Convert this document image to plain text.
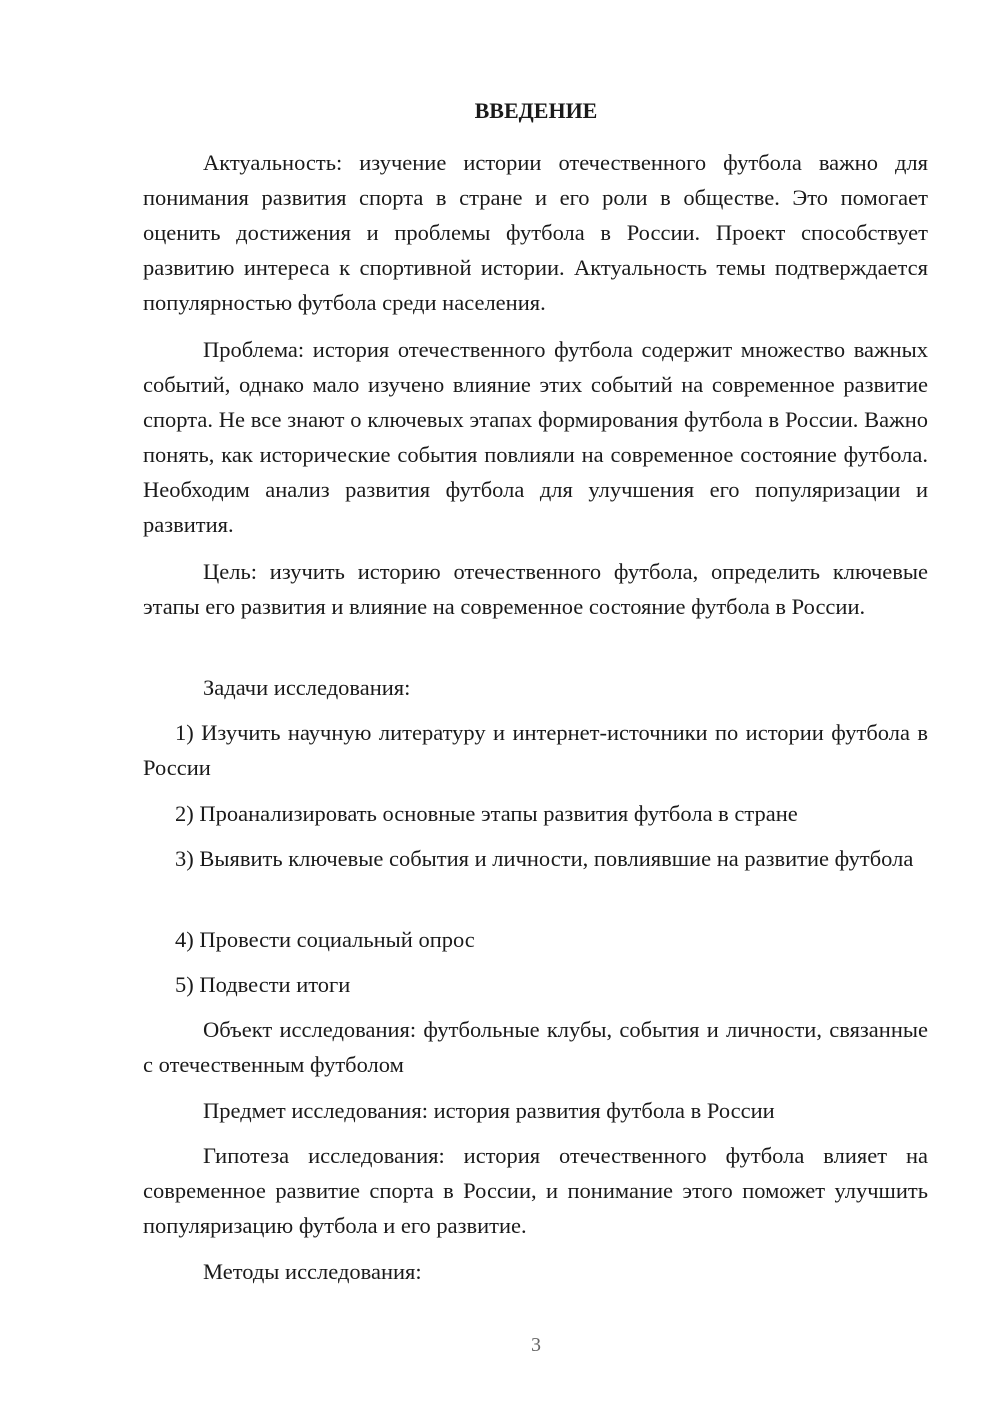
ВВЕДЕНИЕ

Актуальность: изучение истории отечественного футбола важно для понимания развития спорта в стране и его роли в обществе. Это помогает оценить достижения и проблемы футбола в России. Проект способствует развитию интереса к спортивной истории. Актуальность темы подтверждается популярностью футбола среди населения.

Проблема: история отечественного футбола содержит множество важных событий, однако мало изучено влияние этих событий на современное развитие спорта. Не все знают о ключевых этапах формирования футбола в России. Важно понять, как исторические события повлияли на современное состояние футбола. Необходим анализ развития футбола для улучшения его популяризации и развития.

Цель: изучить историю отечественного футбола, определить ключевые этапы его развития и влияние на современное состояние футбола в России.

Задачи исследования:

1) Изучить научную литературу и интернет-источники по истории футбола в России

2) Проанализировать основные этапы развития футбола в стране

3) Выявить ключевые события и личности, повлиявшие на развитие футбола

4) Провести социальный опрос

5) Подвести итоги

Объект исследования: футбольные клубы, события и личности, связанные с отечественным футболом

Предмет исследования: история развития футбола в России

Гипотеза исследования: история отечественного футбола влияет на современное развитие спорта в России, и понимание этого поможет улучшить популяризацию футбола и его развитие.

Методы исследования:

3
